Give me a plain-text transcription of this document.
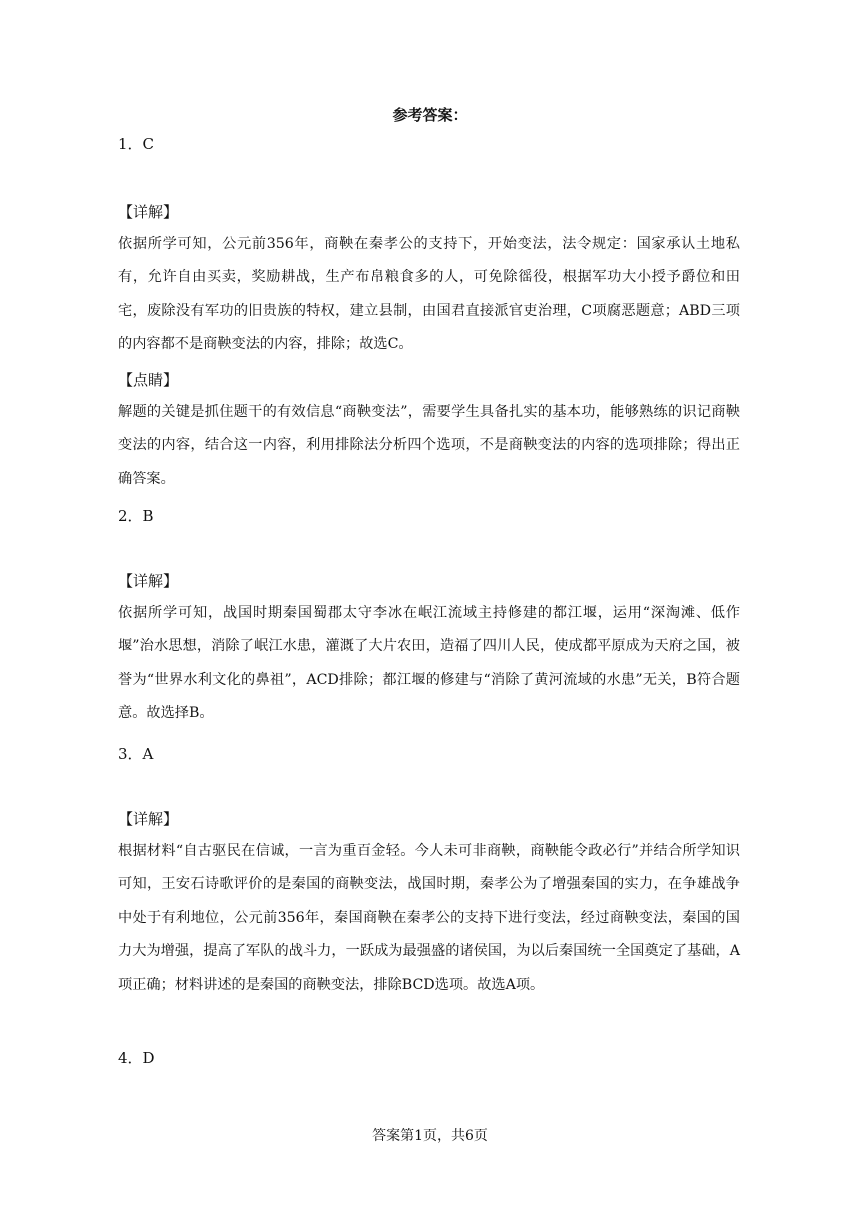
参考答案：
1．C
【详解】
依据所学可知，公元前356年，商鞅在秦孝公的支持下，开始变法，法令规定：国家承认土地私有，允许自由买卖，奖励耕战，生产布帛粮食多的人，可免除徭役，根据军功大小授予爵位和田宅，废除没有军功的旧贵族的特权，建立县制，由国君直接派官吏治理，C项腐恶题意；ABD三项的内容都不是商鞅变法的内容，排除；故选C。
【点睛】
解题的关键是抓住题干的有效信息“商鞅变法”，需要学生具备扎实的基本功，能够熟练的识记商鞅变法的内容，结合这一内容，利用排除法分析四个选项，不是商鞅变法的内容的选项排除；得出正确答案。
2．B
【详解】
依据所学可知，战国时期秦国蜀郡太守李冰在岷江流域主持修建的都江堰，运用“深淘滩、低作堰”治水思想，消除了岷江水患，灌溉了大片农田，造福了四川人民，使成都平原成为天府之国，被誉为“世界水利文化的鼻祖”，ACD排除；都江堰的修建与“消除了黄河流域的水患”无关，B符合题意。故选择B。
3．A
【详解】
根据材料“自古驱民在信诚，一言为重百金轻。今人未可非商鞅，商鞅能令政必行”并结合所学知识可知，王安石诗歌评价的是秦国的商鞅变法，战国时期，秦孝公为了增强秦国的实力，在争雄战争中处于有利地位，公元前356年，秦国商鞅在秦孝公的支持下进行变法，经过商鞅变法，秦国的国力大为增强，提高了军队的战斗力，一跃成为最强盛的诸侯国，为以后秦国统一全国奠定了基础，A项正确；材料讲述的是秦国的商鞅变法，排除BCD选项。故选A项。
4．D
答案第1页，共6页
